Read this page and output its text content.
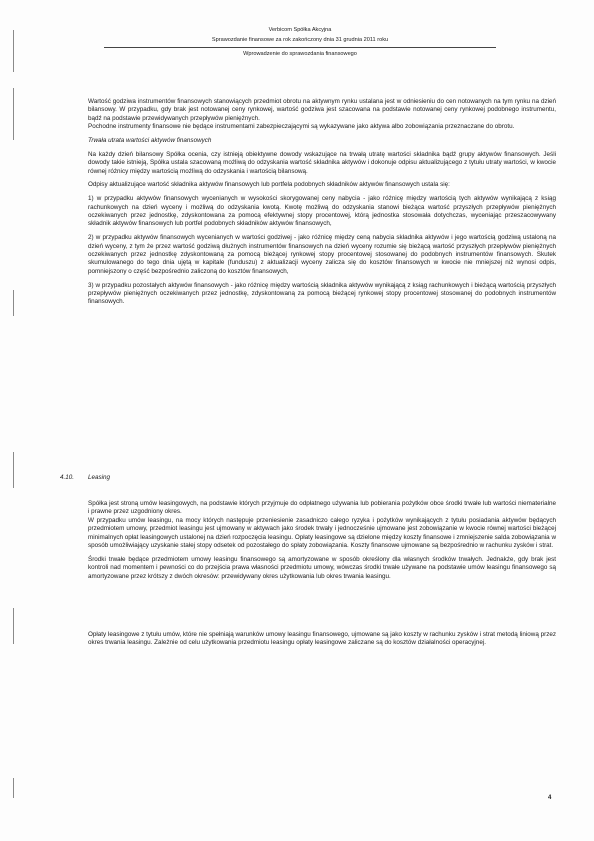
Verbicom Spółka Akcyjna
Sprawozdanie finansowe za rok zakończony dnia 31 grudnia 2011 roku
Wprowadzenie do sprawozdania finansowego

Wartość godziwa instrumentów finansowych stanowiących przedmiot obrotu na aktywnym rynku ustalana jest w odniesieniu do cen notowanych na tym rynku na dzień bilansowy. W przypadku, gdy brak jest notowanej ceny rynkowej, wartość godziwa jest szacowana na podstawie notowanej ceny rynkowej podobnego instrumentu, bądź na podstawie przewidywanych przepływów pieniężnych.

Pochodne instrumenty finansowe nie będące instrumentami zabezpieczającymi są wykazywane jako aktywa albo zobowiązania przeznaczane do obrotu.

Trwała utrata wartości aktywów finansowych

Na każdy dzień bilansowy Spółka ocenia, czy istnieją obiektywne dowody wskazujące na trwałą utratę wartości składnika bądź grupy aktywów finansowych. Jeśli dowody takie istnieją, Spółka ustala szacowaną możliwą do odzyskania wartość składnika aktywów i dokonuje odpisu aktualizującego z tytułu utraty wartości, w kwocie równej różnicy między wartością możliwą do odzyskania i wartością bilansową.

Odpisy aktualizujące wartość składnika aktywów finansowych lub portfela podobnych składników aktywów finansowych ustala się:

1) w przypadku aktywów finansowych wycenianych w wysokości skorygowanej ceny nabycia - jako różnicę między wartością tych aktywów wynikającą z ksiąg rachunkowych na dzień wyceny i możliwą do odzyskania kwotą. Kwotę możliwą do odzyskania stanowi bieżąca wartość przyszłych przepływów pieniężnych oczekiwanych przez jednostkę, zdyskontowana za pomocą efektywnej stopy procentowej, którą jednostka stosowała dotychczas, wyceniając przeszacowywany składnik aktywów finansowych lub portfel podobnych składników aktywów finansowych,

2) w przypadku aktywów finansowych wycenianych w wartości godziwej - jako różnicę między ceną nabycia składnika aktywów i jego wartością godziwą ustaloną na dzień wyceny, z tym że przez wartość godziwą dłużnych instrumentów finansowych na dzień wyceny rozumie się bieżącą wartość przyszłych przepływów pieniężnych oczekiwanych przez jednostkę zdyskontowaną za pomocą bieżącej rynkowej stopy procentowej stosowanej do podobnych instrumentów finansowych. Skutek skumulowanego do tego dnia ujętą w kapitale (funduszu) z aktualizacji wyceny zalicza się do kosztów finansowych w kwocie nie mniejszej niż wynosi odpis, pomniejszony o część bezpośrednio zaliczoną do kosztów finansowych,

3) w przypadku pozostałych aktywów finansowych - jako różnicę między wartością składnika aktywów wynikającą z ksiąg rachunkowych i bieżącą wartością przyszłych przepływów pieniężnych oczekiwanych przez jednostkę, zdyskontowaną za pomocą bieżącej rynkowej stopy procentowej stosowanej do podobnych instrumentów finansowych.

4.10. Leasing

Spółka jest stroną umów leasingowych, na podstawie których przyjmuje do odpłatnego używania lub pobierania pożytków obce środki trwałe lub wartości niematerialne i prawne przez uzgodniony okres.

W przypadku umów leasingu, na mocy których następuje przeniesienie zasadniczo całego ryzyka i pożytków wynikających z tytułu posiadania aktywów będących przedmiotem umowy, przedmiot leasingu jest ujmowany w aktywach jako środek trwały i jednocześnie ujmowane jest zobowiązanie w kwocie równej wartości bieżącej minimalnych opłat leasingowych ustalonej na dzień rozpoczęcia leasingu. Opłaty leasingowe są dzielone między koszty finansowe i zmniejszenie salda zobowiązania w sposób umożliwiający uzyskanie stałej stopy odsetek od pozostałego do spłaty zobowiązania. Koszty finansowe ujmowane są bezpośrednio w rachunku zysków i strat.

Środki trwałe będące przedmiotem umowy leasingu finansowego są amortyzowane w sposób określony dla własnych środków trwałych. Jednakże, gdy brak jest kontroli nad momentem i pewności co do przejścia prawa własności przedmiotu umowy, wówczas środki trwałe używane na podstawie umów leasingu finansowego są amortyzowane przez krótszy z dwóch okresów: przewidywany okres użytkowania lub okres trwania leasingu.

Opłaty leasingowe z tytułu umów, które nie spełniają warunków umowy leasingu finansowego, ujmowane są jako koszty w rachunku zysków i strat metodą liniową przez okres trwania leasingu. Zależnie od celu użytkowania przedmiotu leasingu opłaty leasingowe zaliczane są do kosztów działalności operacyjnej.

4
